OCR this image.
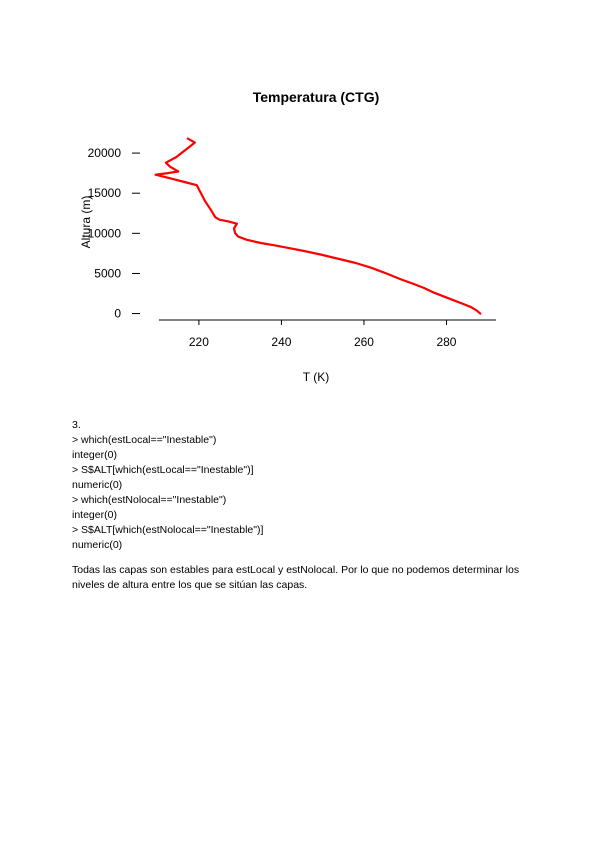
Temperatura (CTG)
0
5000
10000
15000
20000
220	240	260	280
T (K)
Altura (m)
3.
> which(estLocal=="Inestable")
integer(0)
> S$ALT[which(estLocal=="Inestable")]
numeric(0)
> which(estNolocal=="Inestable")
integer(0)
> S$ALT[which(estNolocal=="Inestable")]
numeric(0)
Todas las capas son estables para estLocal y estNolocal. Por lo que no podemos determinar los niveles de altura entre los que se sitúan las capas.
